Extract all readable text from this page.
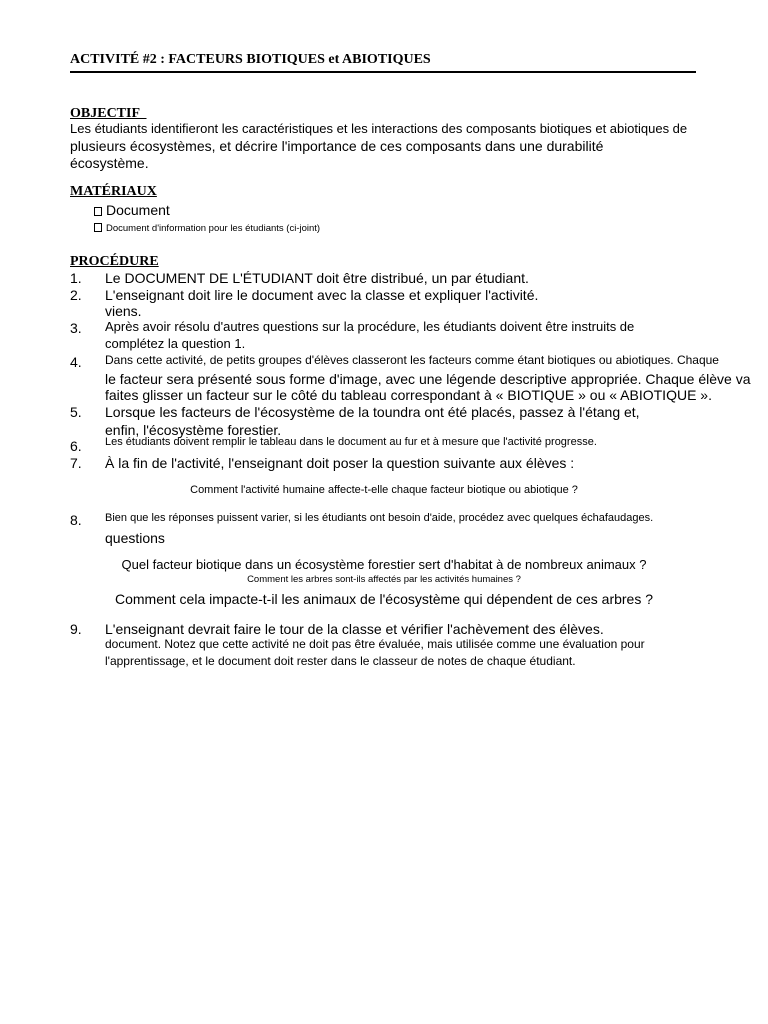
ACTIVITÉ #2 : FACTEURS BIOTIQUES et ABIOTIQUES
OBJECTIF
Les étudiants identifieront les caractéristiques et les interactions des composants biotiques et abiotiques de
plusieurs écosystèmes, et décrire l'importance de ces composants dans une durabilité
écosystème.
MATÉRIAUX
Document
Document d'information pour les étudiants (ci-joint)
PROCÉDURE
1. Le DOCUMENT DE L'ÉTUDIANT doit être distribué, un par étudiant.
2. L'enseignant doit lire le document avec la classe et expliquer l'activité.
viens.
3. Après avoir résolu d'autres questions sur la procédure, les étudiants doivent être instruits de
complétez la question 1.
4. Dans cette activité, de petits groupes d'élèves classeront les facteurs comme étant biotiques ou abiotiques. Chaque
le facteur sera présenté sous forme d'image, avec une légende descriptive appropriée. Chaque élève va
faites glisser un facteur sur le côté du tableau correspondant à « BIOTIQUE » ou « ABIOTIQUE ».
5. Lorsque les facteurs de l'écosystème de la toundra ont été placés, passez à l'étang et,
enfin, l'écosystème forestier.
6. Les étudiants doivent remplir le tableau dans le document au fur et à mesure que l'activité progresse.
7. À la fin de l'activité, l'enseignant doit poser la question suivante aux élèves :
Comment l'activité humaine affecte-t-elle chaque facteur biotique ou abiotique ?
8. Bien que les réponses puissent varier, si les étudiants ont besoin d'aide, procédez avec quelques échafaudages.
questions
Quel facteur biotique dans un écosystème forestier sert d'habitat à de nombreux animaux ?
Comment les arbres sont-ils affectés par les activités humaines ?
Comment cela impacte-t-il les animaux de l'écosystème qui dépendent de ces arbres ?
9. L'enseignant devrait faire le tour de la classe et vérifier l'achèvement des élèves.
document. Notez que cette activité ne doit pas être évaluée, mais utilisée comme une évaluation pour
l'apprentissage, et le document doit rester dans le classeur de notes de chaque étudiant.
